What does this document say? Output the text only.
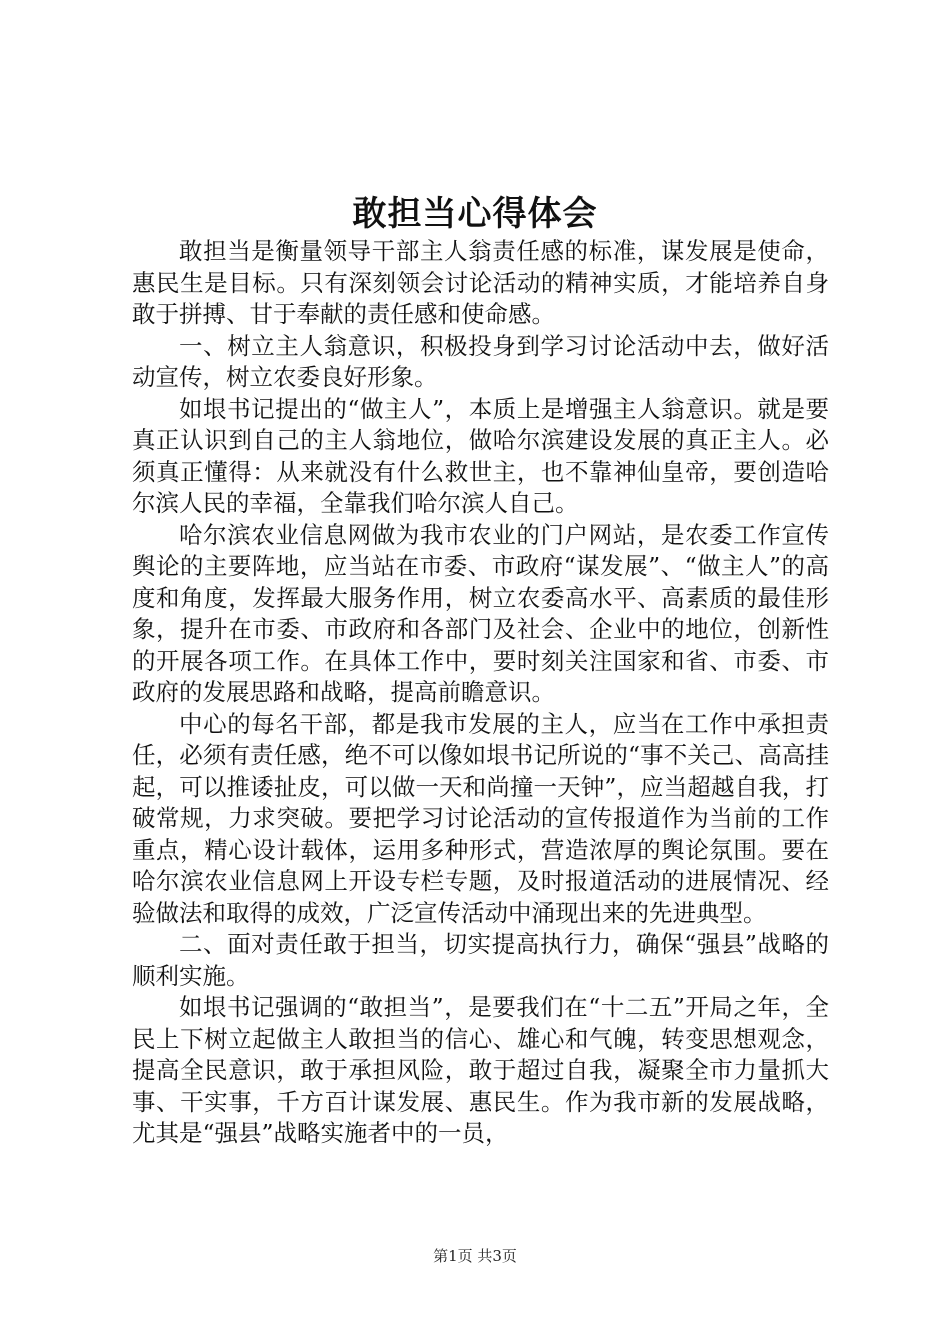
敢担当心得体会

敢担当是衡量领导干部主人翁责任感的标准，谋发展是使命，惠民生是目标。只有深刻领会讨论活动的精神实质，才能培养自身敢于拼搏、甘于奉献的责任感和使命感。

一、树立主人翁意识，积极投身到学习讨论活动中去，做好活动宣传，树立农委良好形象。

如垠书记提出的“做主人”，本质上是增强主人翁意识。就是要真正认识到自己的主人翁地位，做哈尔滨建设发展的真正主人。必须真正懂得：从来就没有什么救世主，也不靠神仙皇帝，要创造哈尔滨人民的幸福，全靠我们哈尔滨人自己。

哈尔滨农业信息网做为我市农业的门户网站，是农委工作宣传舆论的主要阵地，应当站在市委、市政府“谋发展”、“做主人”的高度和角度，发挥最大服务作用，树立农委高水平、高素质的最佳形象，提升在市委、市政府和各部门及社会、企业中的地位，创新性的开展各项工作。在具体工作中，要时刻关注国家和省、市委、市政府的发展思路和战略，提高前瞻意识。

中心的每名干部，都是我市发展的主人，应当在工作中承担责任，必须有责任感，绝不可以像如垠书记所说的“事不关己、高高挂起，可以推诿扯皮，可以做一天和尚撞一天钟”，应当超越自我，打破常规，力求突破。要把学习讨论活动的宣传报道作为当前的工作重点，精心设计载体，运用多种形式，营造浓厚的舆论氛围。要在哈尔滨农业信息网上开设专栏专题，及时报道活动的进展情况、经验做法和取得的成效，广泛宣传活动中涌现出来的先进典型。

二、面对责任敢于担当，切实提高执行力，确保“强县”战略的顺利实施。

如垠书记强调的“敢担当”，是要我们在“十二五”开局之年，全民上下树立起做主人敢担当的信心、雄心和气魄，转变思想观念，提高全民意识，敢于承担风险，敢于超过自我，凝聚全市力量抓大事、干实事，千方百计谋发展、惠民生。作为我市新的发展战略，尤其是“强县”战略实施者中的一员，

第1页 共3页
